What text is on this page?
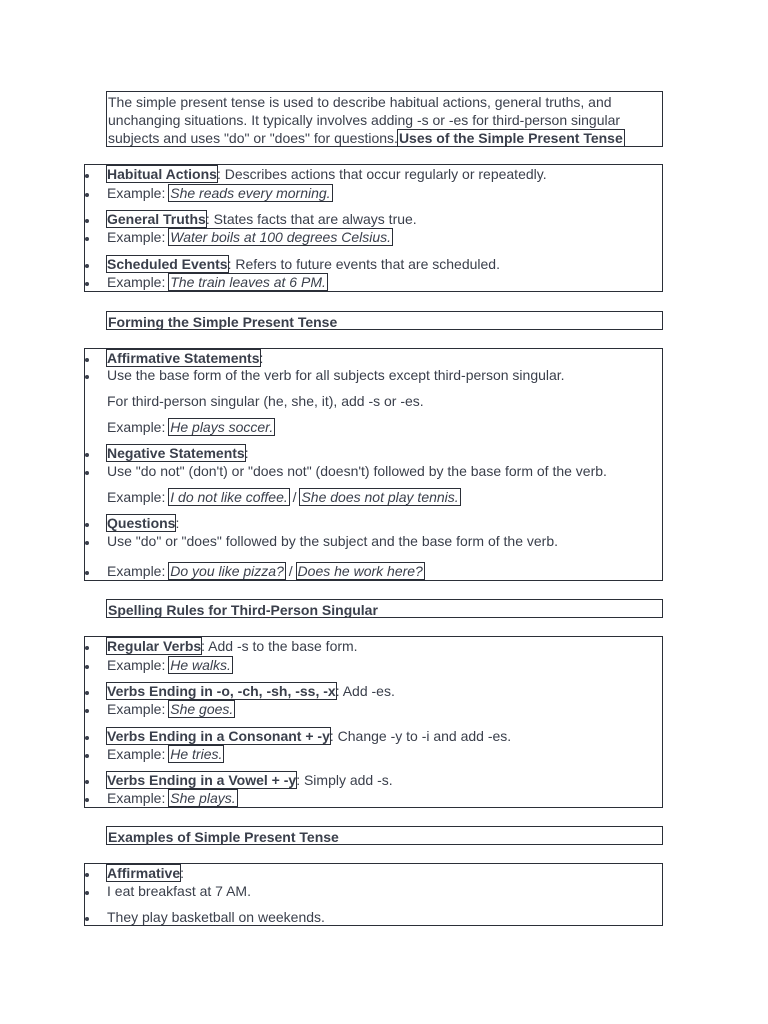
The simple present tense is used to describe habitual actions, general truths, and unchanging situations. It typically involves adding -s or -es for third-person singular subjects and uses "do" or "does" for questions.Uses of the Simple Present Tense
Habitual Actions: Describes actions that occur regularly or repeatedly.
Example: She reads every morning.
General Truths: States facts that are always true.
Example: Water boils at 100 degrees Celsius.
Scheduled Events: Refers to future events that are scheduled.
Example: The train leaves at 6 PM.
Forming the Simple Present Tense
Affirmative Statements:
Use the base form of the verb for all subjects except third-person singular.
For third-person singular (he, she, it), add -s or -es.
Example: He plays soccer.
Negative Statements:
Use "do not" (don't) or "does not" (doesn't) followed by the base form of the verb.
Example: I do not like coffee. / She does not play tennis.
Questions:
Use "do" or "does" followed by the subject and the base form of the verb.
Example: Do you like pizza? / Does he work here?
Spelling Rules for Third-Person Singular
Regular Verbs: Add -s to the base form.
Example: He walks.
Verbs Ending in -o, -ch, -sh, -ss, -x: Add -es.
Example: She goes.
Verbs Ending in a Consonant + -y: Change -y to -i and add -es.
Example: He tries.
Verbs Ending in a Vowel + -y: Simply add -s.
Example: She plays.
Examples of Simple Present Tense
Affirmative:
I eat breakfast at 7 AM.
They play basketball on weekends.
